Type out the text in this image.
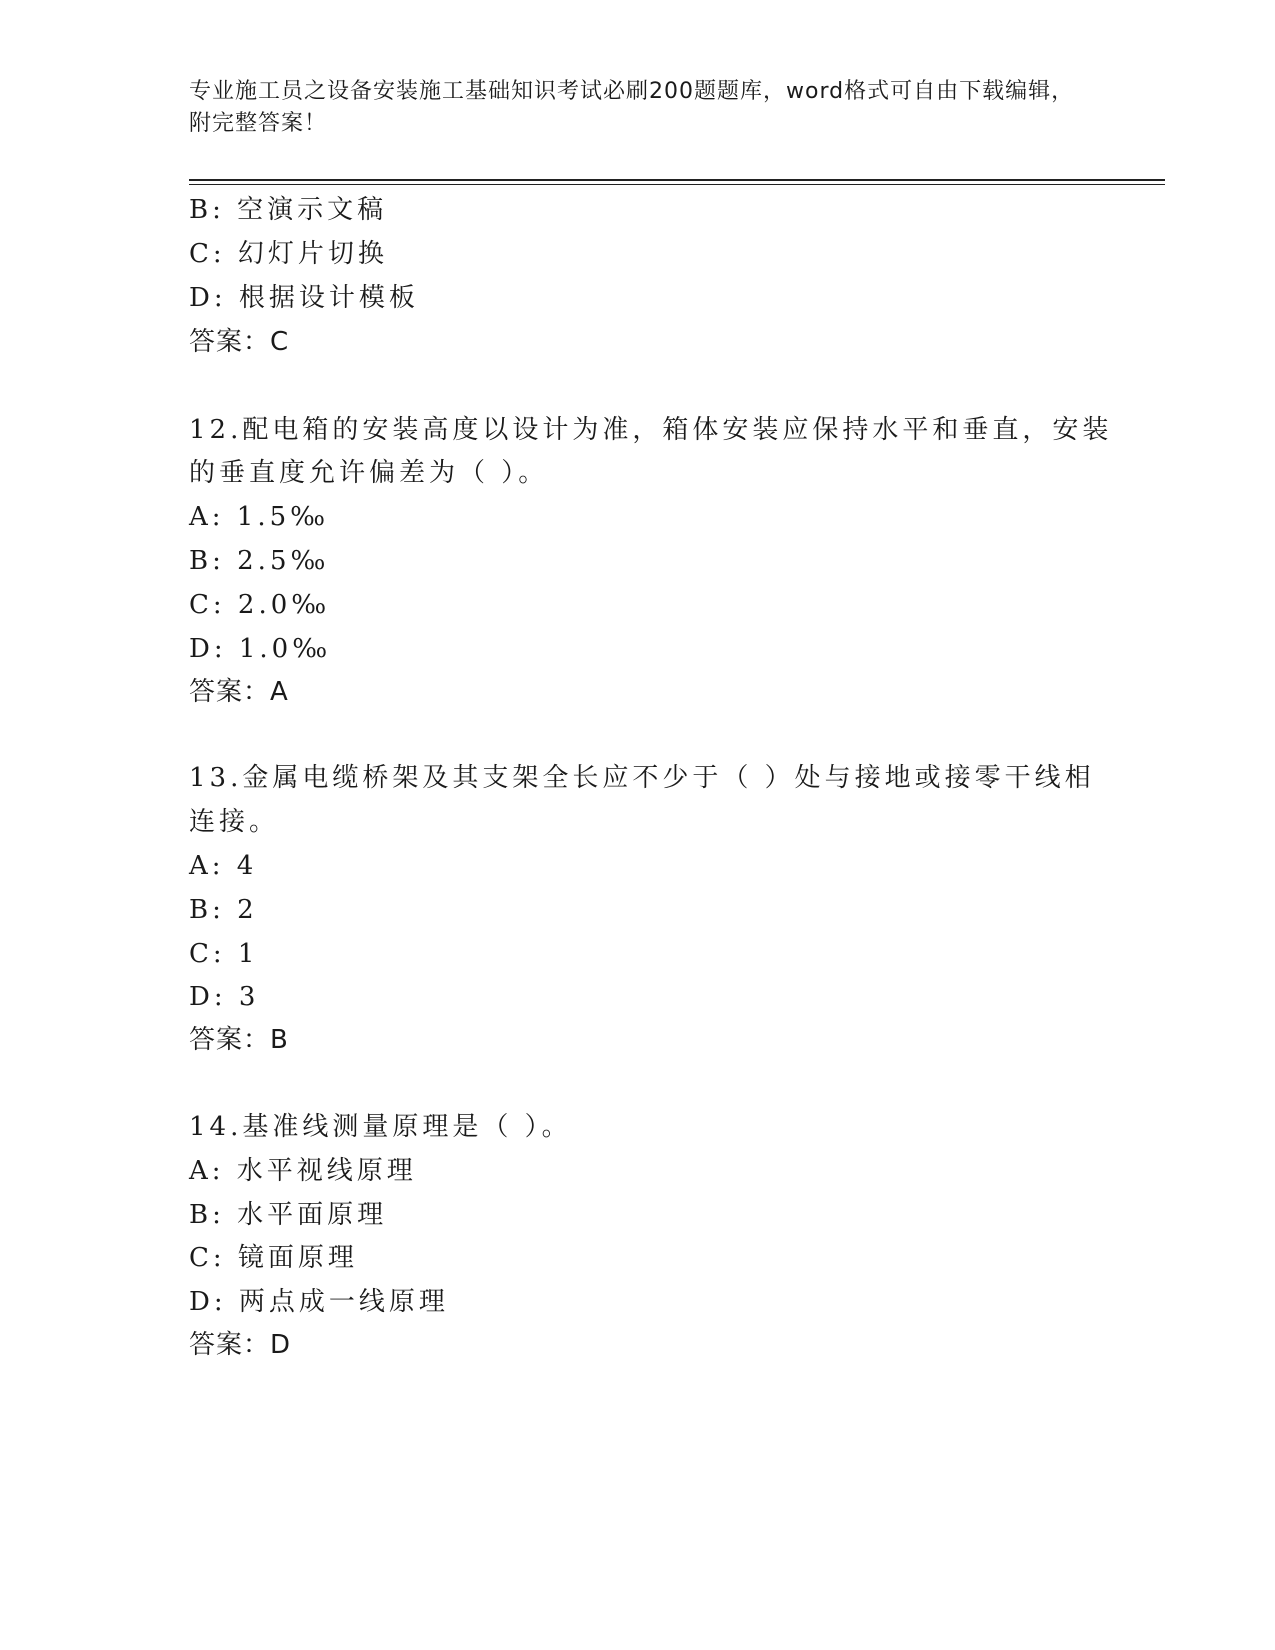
专业施工员之设备安装施工基础知识考试必刷200题题库，word格式可自由下载编辑，附完整答案！
B: 空演示文稿
C: 幻灯片切换
D: 根据设计模板
答案：C
12.配电箱的安装高度以设计为准，箱体安装应保持水平和垂直，安装
的垂直度允许偏差为（ ）。
A: 1.5‰
B: 2.5‰
C: 2.0‰
D: 1.0‰
答案：A
13.金属电缆桥架及其支架全长应不少于（ ）处与接地或接零干线相
连接。
A: 4
B: 2
C: 1
D: 3
答案：B
14.基准线测量原理是（ ）。
A: 水平视线原理
B: 水平面原理
C: 镜面原理
D: 两点成一线原理
答案：D
